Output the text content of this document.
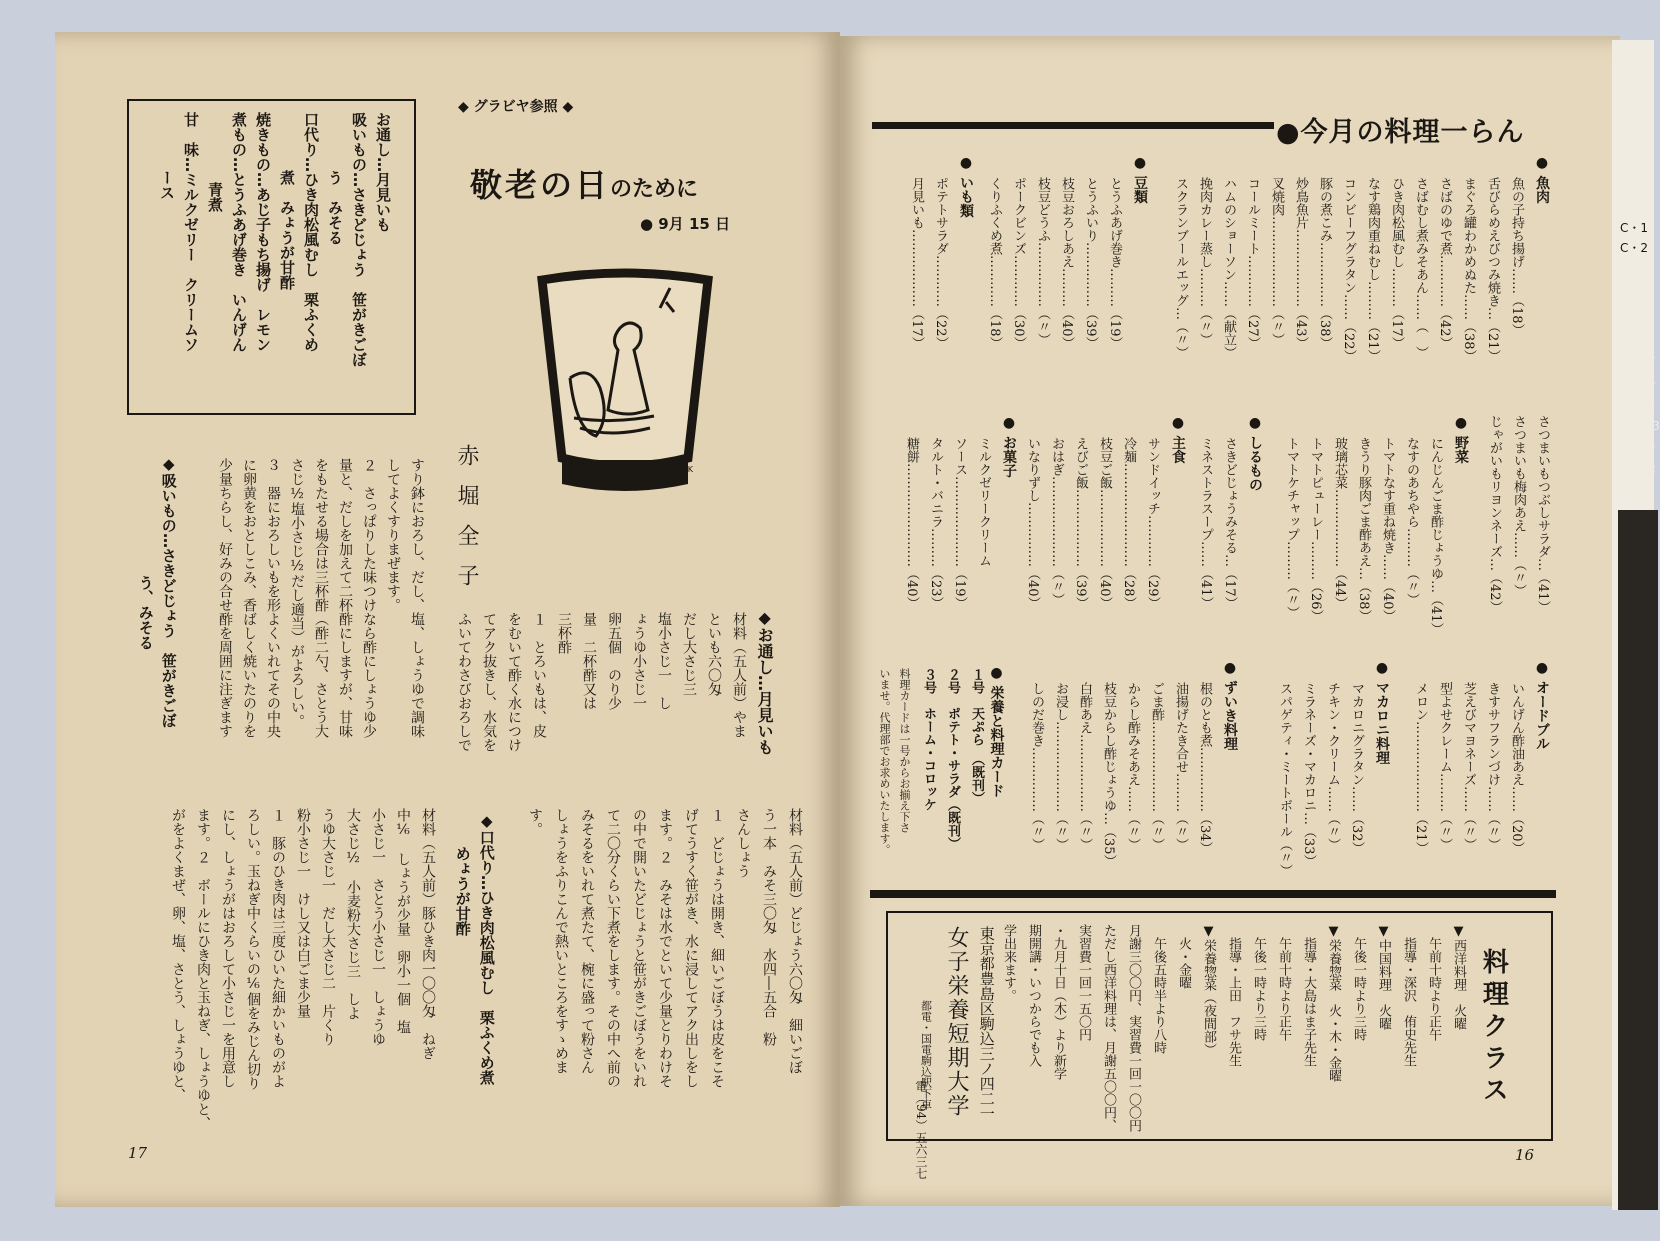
◆ グラビヤ参照 ◆
お通し…月見いも
吸いもの…さきどじょう　笹がきごぼ
う　みそる
口代り…ひき肉松風むし　栗ふくめ
煮　みょうが甘酢
焼きもの…あじ子もち揚げ　レモン
煮もの…とうふあげ巻き　いんげん
青煮
甘　味…ミルクゼリー　クリームソ
ース	敬老の日のために
● 9月 15 日
TAK
赤堀全子
◆お通し…月見いも
材料（五人前）やま
といも六〇匁
だし大さじ三
塩小さじ一　し
ょうゆ小さじ一
卵五個　のり少
量　二杯酢又は
三杯酢
１　とろいもは、皮
をむいて酢く水につけ
てアク抜きし、水気を
ふいてわさびおろしで
すり鉢におろし、だし、塩、しょうゆで調味
してよくすりまぜます。
２　さっぱりした味つけなら酢にしょうゆ少
量と、だしを加えて二杯酢にしますが、甘味
をもたせる場合は三杯酢（酢二勺、さとう大
さじ½塩小さじ½だし適当）がよろしい。
３　器におろしいもを形よくいれてその中央
に卵黄をおとしこみ、香ばしく焼いたのりを
少量ちらし、好みの合せ酢を周囲に注ぎます
◆吸いもの…さきどじょう　笹がきごぼ
う、みそる
材料（五人前）どじょう六〇匁　細いごぼ
う一本　みそ三〇匁　水四―五合　粉
さんしょう
１　どじょうは開き、細いごぼうは皮をこそ
げてうすく笹がき、水に浸してアク出しをし
ます。２　みそは水でといて少量とりわけそ
の中で開いたどじょうと笹がきごぼうをいれ
て二〇分くらい下煮をします。その中へ前の
みそるをいれて煮たて、椀に盛って粉さん
しょうをふりこんで熱いところをすゝめま
す。
◆口代り…ひき肉松風むし　栗ふくめ煮
めょうが甘酢
材料（五人前）豚ひき肉一〇〇匁　ねぎ
中⅙　しょうが少量　卵小一個　塩
小さじ一　さとう小さじ一　しょうゆ
大さじ½　小麦粉大さじ三　しよ
うゆ大さじ一　だし大さじ二　片くり
粉小さじ一　けし又は白ごま少量
１　豚のひき肉は三度ひいた細かいものがよ
ろしい。玉ねぎ中くらいの⅙個をみじん切り
にし、しょうがはおろして小さじ一を用意し
ます。２　ボールにひき肉と玉ねぎ、しょうゆと、
がをよくまぜ、卵、塩、さとう、しょうゆと、
17
●今月の料理一らん
● 魚肉
魚の子持ち揚げ……（18）
舌びらめえびつみ焼き…（21）
まぐろ罐わかめぬた……（38）
さばのゆで煮…………（42）
さばむし煮みそあん……（　）
ひき肉松風むし………（17）
なす鶏肉重ねむし………（21）
コンビーフグラタン……（22）
豚の煮こみ……………（38）
炒鳥魚片………………（43）
叉焼肉…………………（〃）
コールミート…………（27）
ハムのショーソン……（献立）
挽肉カレー蒸し………（〃）
スクランブールエッグ…（〃）
● 豆類
とうふあげ巻き………（19）
とうふいり……………（39）
枝豆おろしあえ………（40）
枝豆どうふ……………（〃）
ポークビンズ…………（30）
くりふくめ煮…………（18）
● いも類
ポテトサラダ…………（22）
月見いも………………（17）
さつまいもつぶしサラダ…（41）
さつまいも梅肉あえ……（〃）
じゃがいもリヨンネーズ…（42）
● 野菜
にんじんごま酢じょうゆ…（41）
なすのあちやら………（〃）
トマトなす重ね焼き……（40）
きうり豚肉ごま酢あえ…（38）
玻璃芯菜………………（44）
トマトピューレー………（26）
トマトケチャップ………（〃）
● しるもの
さきどじょうみそる…（17）
ミネストラスープ……（41）
● 主食
サンドイッチ…………（29）
冷麺……………………（28）
枝豆ご飯………………（40）
えびご飯………………（39）
おはぎ…………………（〃）
いなりずし……………（40）
● お菓子
ミルクゼリークリーム
ソース…………………（19）
タルト・バニラ………（23）
糖餅……………………（40）
● オードブル
いんげん酢油あえ……（20）
きすサフランづけ……（〃）
芝えびマヨネーズ……（〃）
型よせクレーム………（〃）
メロン…………………（21）
● マカロニ料理
マカロニグラタン……（32）
チキン・クリーム……（〃）
ミラネーズ・マカロニ…（33）
スパゲティ・ミートボール（〃）
● ずいき料理
根のとも煮……………（34）
油揚げたき合せ………（〃）
ごま酢…………………（〃）
からし酢みそあえ……（〃）
枝豆からし酢じょうゆ…（35）
白酢あえ………………（〃）
お浸し…………………（〃）
しのだ巻き……………（〃）
● 栄養と料理カード
１号　天ぷら　（既刊）
２号　ポテト・サラダ（既刊）
３号　ホーム・コロッケ
料理カードは一号からお揃え下さ
いませ。代理部でお求めいたします。
料理クラス
▼西洋料理　火曜
　午前十時より正午
　指導・深沢　侑史先生
▼中国料理　火曜
　午後一時より三時
▼栄養惣菜　火・木・金曜
　指導・大島はま子先生
　午前十時より正午
　午後一時より三時
　指導・上田　フサ先生
▼栄養惣菜（夜間部）
　火・金曜
　午後五時半より八時
月謝三〇〇円、実習費一回一〇〇円
ただし西洋料理は、月謝五〇〇円、
実習費一回一五〇円
・九月十日（木）より新学
期開講・いつからでも入
学出来ます。
女子栄養短期大学 東京都豊島区駒込三ノ四二一
都電・国電駒込駅下車
電（94）五六三七	16
C・1
C・2
ネース
ンずけ
鶏肉料
クリー
．B・3
１ポテ
ト・パ
